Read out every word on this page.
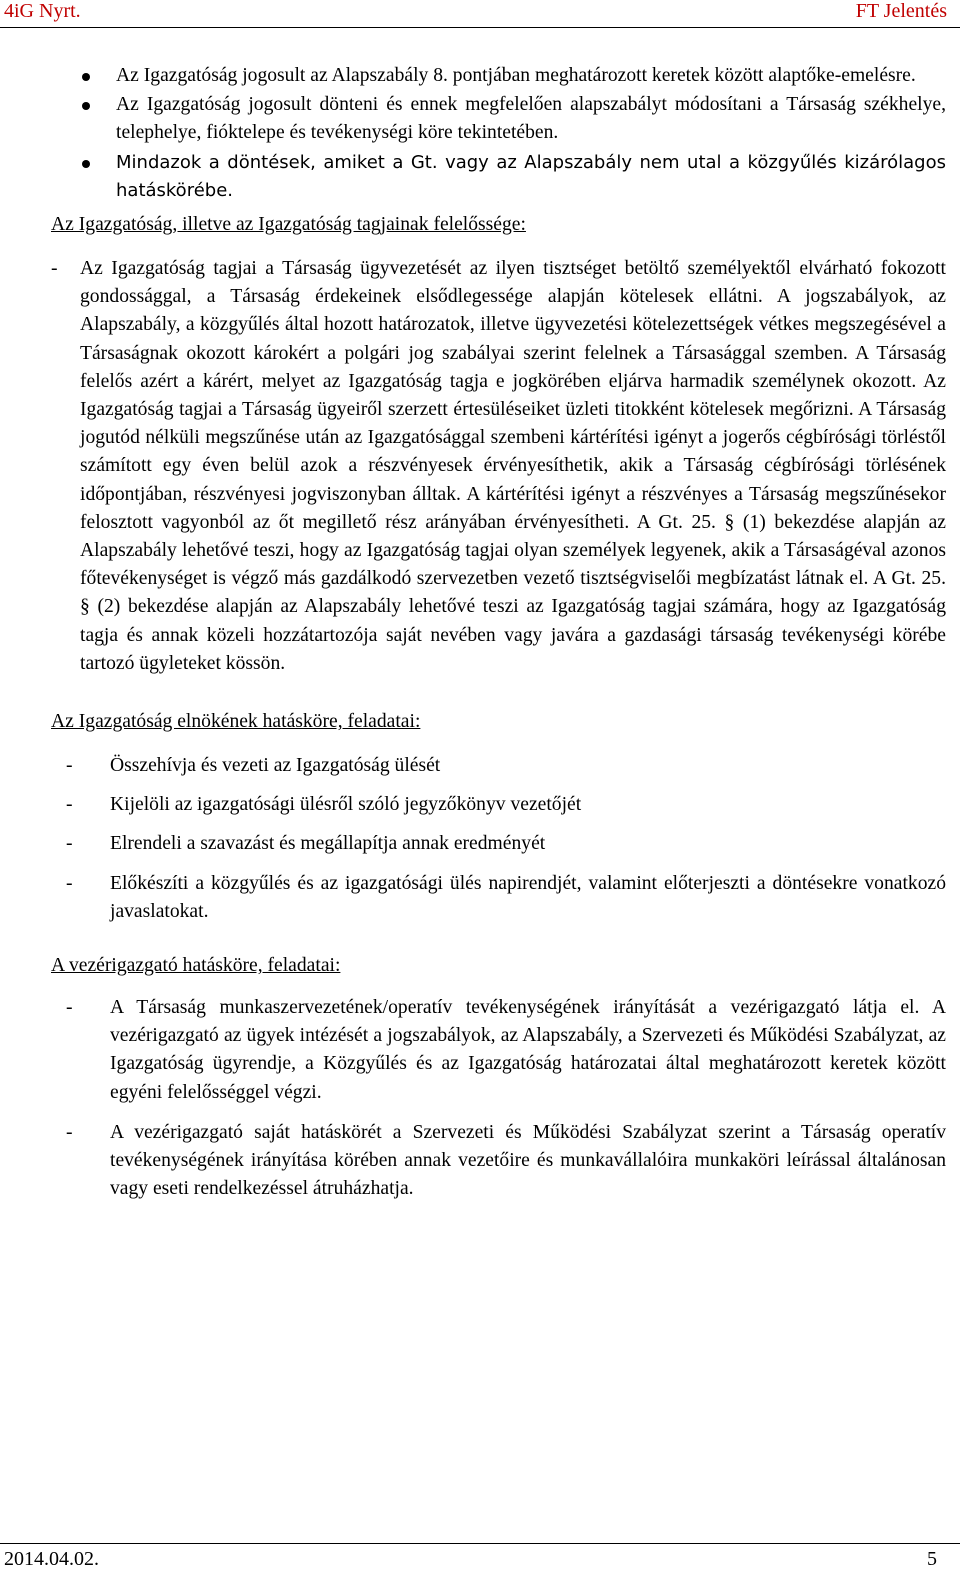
4iG Nyrt.	FT Jelentés
Az Igazgatóság jogosult az Alapszabály 8. pontjában meghatározott keretek között alaptőke-emelésre.
Az Igazgatóság jogosult dönteni és ennek megfelelően alapszabályt módosítani a Társaság székhelye, telephelye, fióktelepe és tevékenységi köre tekintetében.
Mindazok a döntések, amiket a Gt. vagy az Alapszabály nem utal a közgyűlés kizárólagos hatáskörébe.
Az Igazgatóság, illetve az Igazgatóság tagjainak felelőssége:
- Az Igazgatóság tagjai a Társaság ügyvezetését az ilyen tisztséget betöltő személyektől elvárható fokozott gondossággal, a Társaság érdekeinek elsődlegessége alapján kötelesek ellátni. A jogszabályok, az Alapszabály, a közgyűlés által hozott határozatok, illetve ügyvezetési kötelezettségek vétkes megszegésével a Társaságnak okozott károkért a polgári jog szabályai szerint felelnek a Társasággal szemben. A Társaság felelős azért a kárért, melyet az Igazgatóság tagja e jogkörében eljárva harmadik személynek okozott. Az Igazgatóság tagjai a Társaság ügyeiről szerzett értesüléseiket üzleti titokként kötelesek megőrizni. A Társaság jogutód nélküli megszűnése után az Igazgatósággal szembeni kártérítési igényt a jogerős cégbírósági törléstől számított egy éven belül azok a részvényesek érvényesíthetik, akik a Társaság cégbírósági törlésének időpontjában, részvényesi jogviszonyban álltak. A kártérítési igényt a részvényes a Társaság megszűnésekor felosztott vagyonból az őt megillető rész arányában érvényesítheti. A Gt. 25. § (1) bekezdése alapján az Alapszabály lehetővé teszi, hogy az Igazgatóság tagjai olyan személyek legyenek, akik a Társaságéval azonos főtevékenységet is végző más gazdálkodó szervezetben vezető tisztségviselői megbízatást látnak el. A Gt. 25. § (2) bekezdése alapján az Alapszabály lehetővé teszi az Igazgatóság tagjai számára, hogy az Igazgatóság tagja és annak közeli hozzátartozója saját nevében vagy javára a gazdasági társaság tevékenységi körébe tartozó ügyleteket kössön.
Az Igazgatóság elnökének hatásköre, feladatai:
- Összehívja és vezeti az Igazgatóság ülését
- Kijelöli az igazgatósági ülésről szóló jegyzőkönyv vezetőjét
- Elrendeli a szavazást és megállapítja annak eredményét
- Előkészíti a közgyűlés és az igazgatósági ülés napirendjét, valamint előterjeszti a döntésekre vonatkozó javaslatokat.
A vezérigazgató hatásköre, feladatai:
- A Társaság munkaszervezetének/operatív tevékenységének irányítását a vezérigazgató látja el. A vezérigazgató az ügyek intézését a jogszabályok, az Alapszabály, a Szervezeti és Működési Szabályzat, az Igazgatóság ügyrendje, a Közgyűlés és az Igazgatóság határozatai által meghatározott keretek között egyéni felelősséggel végzi.
- A vezérigazgató saját hatáskörét a Szervezeti és Működési Szabályzat szerint a Társaság operatív tevékenységének irányítása körében annak vezetőire és munkavállalóira munkaköri leírással általánosan vagy eseti rendelkezéssel átruházhatja.
2014.04.02.	5
